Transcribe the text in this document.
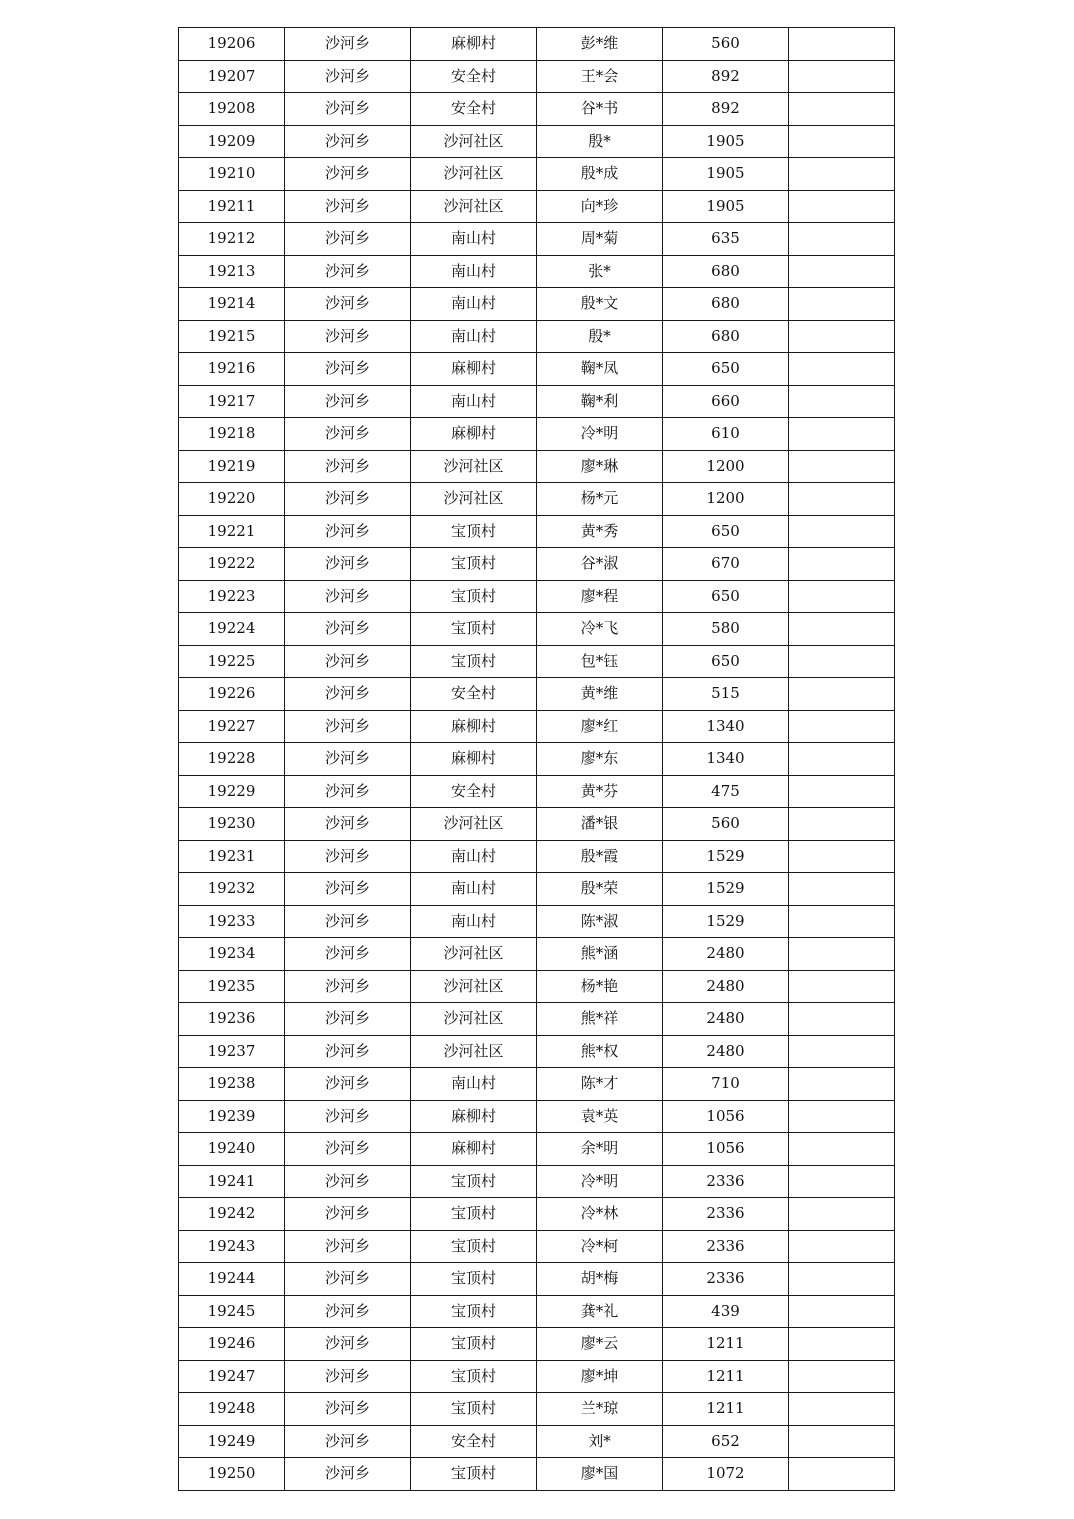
19206	沙河乡	麻柳村	彭*维	560	
19207	沙河乡	安全村	王*会	892	
19208	沙河乡	安全村	谷*书	892	
19209	沙河乡	沙河社区	殷*	1905	
19210	沙河乡	沙河社区	殷*成	1905	
19211	沙河乡	沙河社区	向*珍	1905	
19212	沙河乡	南山村	周*菊	635	
19213	沙河乡	南山村	张*	680	
19214	沙河乡	南山村	殷*文	680	
19215	沙河乡	南山村	殷*	680	
19216	沙河乡	麻柳村	鞠*凤	650	
19217	沙河乡	南山村	鞠*利	660	
19218	沙河乡	麻柳村	冷*明	610	
19219	沙河乡	沙河社区	廖*琳	1200	
19220	沙河乡	沙河社区	杨*元	1200	
19221	沙河乡	宝顶村	黄*秀	650	
19222	沙河乡	宝顶村	谷*淑	670	
19223	沙河乡	宝顶村	廖*程	650	
19224	沙河乡	宝顶村	冷*飞	580	
19225	沙河乡	宝顶村	包*钰	650	
19226	沙河乡	安全村	黄*维	515	
19227	沙河乡	麻柳村	廖*红	1340	
19228	沙河乡	麻柳村	廖*东	1340	
19229	沙河乡	安全村	黄*芬	475	
19230	沙河乡	沙河社区	潘*银	560	
19231	沙河乡	南山村	殷*霞	1529	
19232	沙河乡	南山村	殷*荣	1529	
19233	沙河乡	南山村	陈*淑	1529	
19234	沙河乡	沙河社区	熊*涵	2480	
19235	沙河乡	沙河社区	杨*艳	2480	
19236	沙河乡	沙河社区	熊*祥	2480	
19237	沙河乡	沙河社区	熊*权	2480	
19238	沙河乡	南山村	陈*才	710	
19239	沙河乡	麻柳村	袁*英	1056	
19240	沙河乡	麻柳村	余*明	1056	
19241	沙河乡	宝顶村	冷*明	2336	
19242	沙河乡	宝顶村	冷*林	2336	
19243	沙河乡	宝顶村	冷*柯	2336	
19244	沙河乡	宝顶村	胡*梅	2336	
19245	沙河乡	宝顶村	龚*礼	439	
19246	沙河乡	宝顶村	廖*云	1211	
19247	沙河乡	宝顶村	廖*坤	1211	
19248	沙河乡	宝顶村	兰*琼	1211	
19249	沙河乡	安全村	刘*	652	
19250	沙河乡	宝顶村	廖*国	1072	
